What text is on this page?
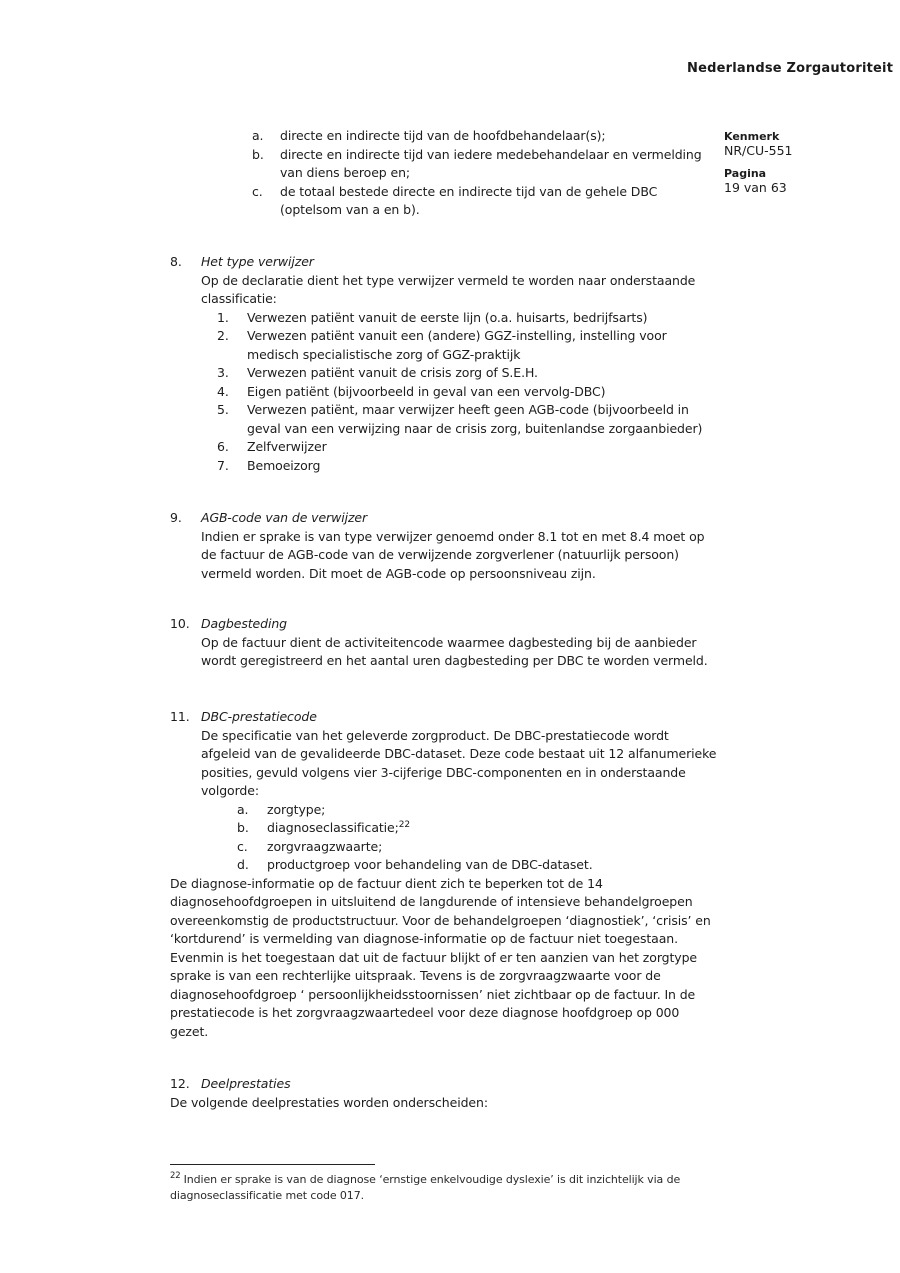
Nederlandse Zorgautoriteit
Kenmerk
NR/CU-551
Pagina
19 van 63
a.	directe en indirecte tijd van de hoofdbehandelaar(s);
b.	directe en indirecte tijd van iedere medebehandelaar en vermelding van diens beroep en;
c.	de totaal bestede directe en indirecte tijd van de gehele DBC (optelsom van a en b).
8.	Het type verwijzer
Op de declaratie dient het type verwijzer vermeld te worden naar onderstaande classificatie:
1.	Verwezen patiënt vanuit de eerste lijn (o.a. huisarts, bedrijfsarts)
2.	Verwezen patiënt vanuit een (andere) GGZ-instelling, instelling voor medisch specialistische zorg of GGZ-praktijk
3.	Verwezen patiënt vanuit de crisis zorg of S.E.H.
4.	Eigen patiënt (bijvoorbeeld in geval van een vervolg-DBC)
5.	Verwezen patiënt, maar verwijzer heeft geen AGB-code (bijvoorbeeld in geval van een verwijzing naar de crisis zorg, buitenlandse zorgaanbieder)
6.	Zelfverwijzer
7.	Bemoeizorg
9.	AGB-code van de verwijzer
Indien er sprake is van type verwijzer genoemd onder 8.1 tot en met 8.4 moet op de factuur de AGB-code van de verwijzende zorgverlener (natuurlijk persoon) vermeld worden. Dit moet de AGB-code op persoonsniveau zijn.
10. Dagbesteding
Op de factuur dient de activiteitencode waarmee dagbesteding bij de aanbieder wordt geregistreerd en het aantal uren dagbesteding per DBC te worden vermeld.
11. DBC-prestatiecode
De specificatie van het geleverde zorgproduct. De DBC-prestatiecode wordt afgeleid van de gevalideerde DBC-dataset. Deze code bestaat uit 12 alfanumerieke posities, gevuld volgens vier 3-cijferige DBC-componenten en in onderstaande volgorde:
a.	zorgtype;
b.	diagnoseclassificatie;$^{22}$
c.	zorgvraagzwaarte;
d.	productgroep voor behandeling van de DBC-dataset.
De diagnose-informatie op de factuur dient zich te beperken tot de 14 diagnosehoofdgroepen in uitsluitend de langdurende of intensieve behandelgroepen overeenkomstig de productstructuur. Voor de behandelgroepen ‘diagnostiek’, ‘crisis’ en ‘kortdurend’ is vermelding van diagnose-informatie op de factuur niet toegestaan. Evenmin is het toegestaan dat uit de factuur blijkt of er ten aanzien van het zorgtype sprake is van een rechterlijke uitspraak. Tevens is de zorgvraagzwaarte voor de diagnosehoofdgroep ‘ persoonlijkheidsstoornissen’ niet zichtbaar op de factuur. In de prestatiecode is het zorgvraagzwaartedeel voor deze diagnose hoofdgroep op 000 gezet.
12. Deelprestaties
De volgende deelprestaties worden onderscheiden:
$^{22}$ Indien er sprake is van de diagnose ‘ernstige enkelvoudige dyslexie’ is dit inzichtelijk via de diagnoseclassificatie met code 017.
